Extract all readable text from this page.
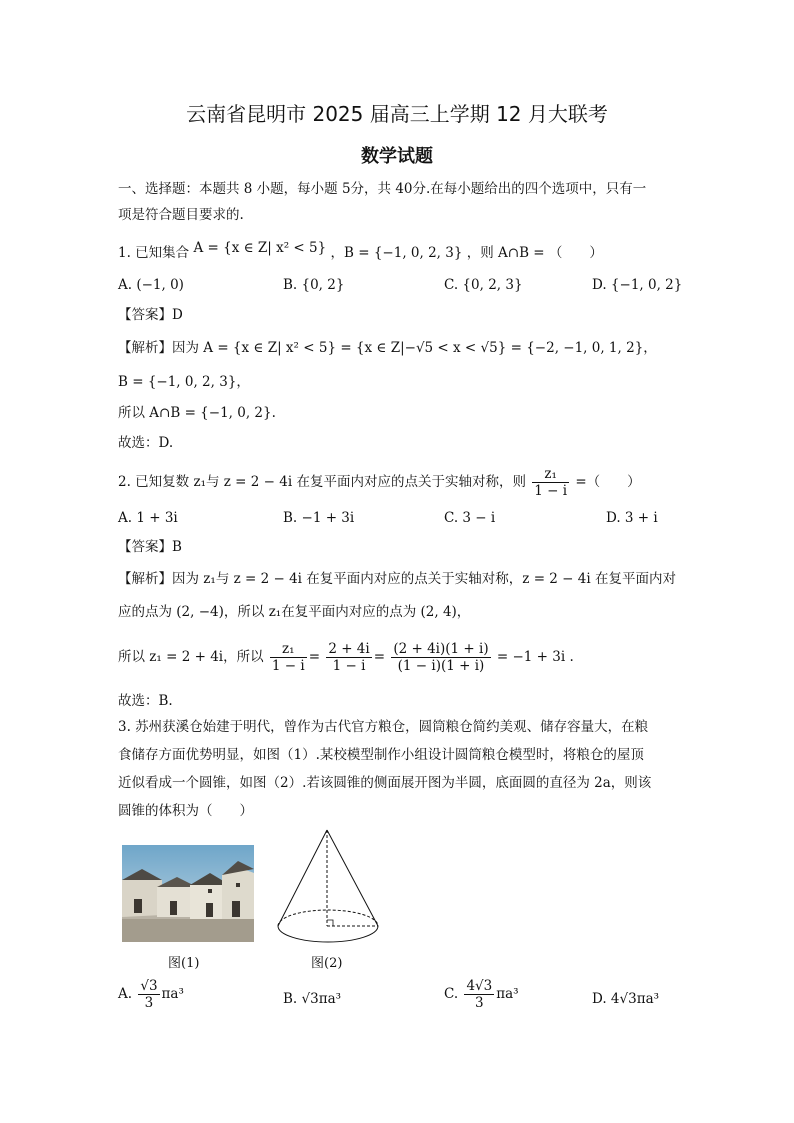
云南省昆明市 2025 届高三上学期 12 月大联考
数学试题
一、选择题：本题共 8 小题，每小题 5分，共 40分.在每小题给出的四个选项中，只有一
项是符合题目要求的.
1. 已知集合 A = {x ∈ Z| x² < 5} ，B = {−1, 0, 2, 3} ，则 A∩B = （　　）
A. (−1, 0)	B. {0, 2}	C. {0, 2, 3}	D. {−1, 0, 2}
【答案】D
【解析】因为 A = {x ∈ Z| x² < 5} = {x ∈ Z|−√5 < x < √5} = {−2, −1, 0, 1, 2}，
B = {−1, 0, 2, 3}，
所以 A∩B = {−1, 0, 2}.
故选：D.
2. 已知复数 z₁与 z = 2 − 4i 在复平面内对应的点关于实轴对称，则 $\frac{\text{z₁}}{1 - i}$ =（　　）
A. 1 + 3i	B. −1 + 3i	C. 3 − i	D. 3 + i
【答案】B
【解析】因为 z₁与 z = 2 − 4i 在复平面内对应的点关于实轴对称，z = 2 − 4i 在复平面内对
应的点为 (2, −4)，所以 z₁在复平面内对应的点为 (2, 4)，
所以 z₁ = 2 + 4i，所以 $\frac{\text{z₁}}{1 - i} = \frac{2 + 4i}{1 - i} = \frac{(2 + 4i)(1 + i)}{(1 - i)(1 + i)} = -1 + 3i$ .
故选：B.
3. 苏州获溪仓始建于明代，曾作为古代官方粮仓，圆筒粮仓简约美观、储存容量大，在粮
食储存方面优势明显，如图（1）.某校模型制作小组设计圆筒粮仓模型时，将粮仓的屋顶
近似看成一个圆锥，如图（2）.若该圆锥的侧面展开图为半圆，底面圆的直径为 2a，则该
圆锥的体积为（　　）
图(1)	图(2)
A. $\frac{√3}{3} \pi a^3$	B. √3πa³	C. $\frac{4√3}{3} \pi a^3$	D. 4√3πa³
